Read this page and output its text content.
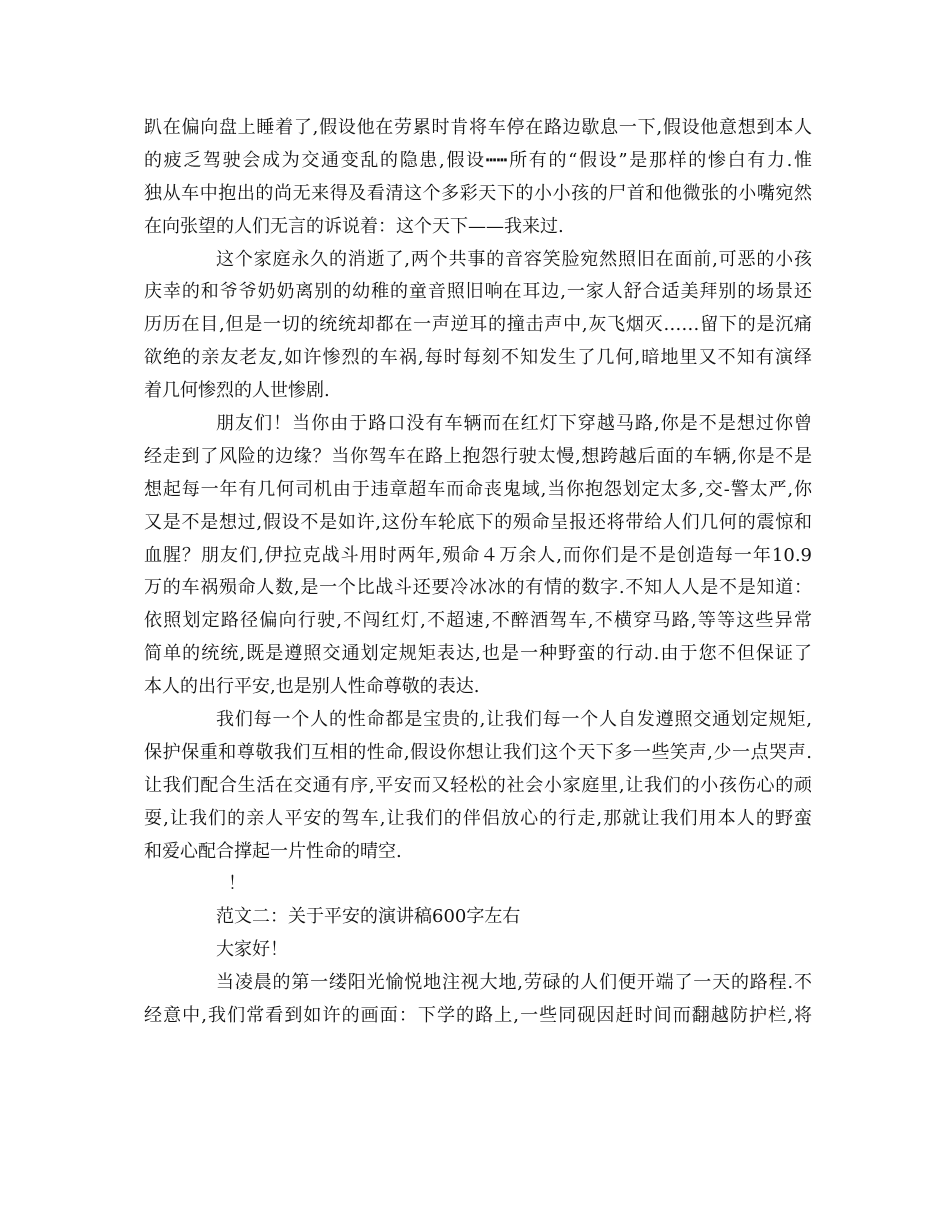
趴在偏向盘上睡着了,假设他在劳累时肯将车停在路边歇息一下,假设他意想到本人
的疲乏驾驶会成为交通变乱的隐患,假设┅┅所有的“假设”是那样的惨白有力.惟
独从车中抱出的尚无来得及看清这个多彩天下的小小孩的尸首和他微张的小嘴宛然
在向张望的人们无言的诉说着：这个天下——我来过.
这个家庭永久的消逝了,两个共事的音容笑脸宛然照旧在面前,可恶的小孩
庆幸的和爷爷奶奶离别的幼稚的童音照旧响在耳边,一家人舒合适美拜别的场景还
历历在目,但是一切的统统却都在一声逆耳的撞击声中,灰飞烟灭……留下的是沉痛
欲绝的亲友老友,如许惨烈的车祸,每时每刻不知发生了几何,暗地里又不知有演绎
着几何惨烈的人世惨剧.
朋友们！当你由于路口没有车辆而在红灯下穿越马路,你是不是想过你曾
经走到了风险的边缘？当你驾车在路上抱怨行驶太慢,想跨越后面的车辆,你是不是
想起每一年有几何司机由于违章超车而命丧鬼域,当你抱怨划定太多,交-警太严,你
又是不是想过,假设不是如许,这份车轮底下的殒命呈报还将带给人们几何的震惊和
血腥？朋友们,伊拉克战斗用时两年,殒命４万余人,而你们是不是创造每一年10.9
万的车祸殒命人数,是一个比战斗还要冷冰冰的有情的数字.不知人人是不是知道：
依照划定路径偏向行驶,不闯红灯,不超速,不醉酒驾车,不横穿马路,等等这些异常
简单的统统,既是遵照交通划定规矩表达,也是一种野蛮的行动.由于您不但保证了
本人的出行平安,也是别人性命尊敬的表达.
我们每一个人的性命都是宝贵的,让我们每一个人自发遵照交通划定规矩,
保护保重和尊敬我们互相的性命,假设你想让我们这个天下多一些笑声,少一点哭声.
让我们配合生活在交通有序,平安而又轻松的社会小家庭里,让我们的小孩伤心的顽
耍,让我们的亲人平安的驾车,让我们的伴侣放心的行走,那就让我们用本人的野蛮
和爱心配合撑起一片性命的晴空.
！
范文二：关于平安的演讲稿600字左右
大家好！
当凌晨的第一缕阳光愉悦地注视大地,劳碌的人们便开端了一天的路程.不
经意中,我们常看到如许的画面：下学的路上,一些同砚因赶时间而翻越防护栏,将
